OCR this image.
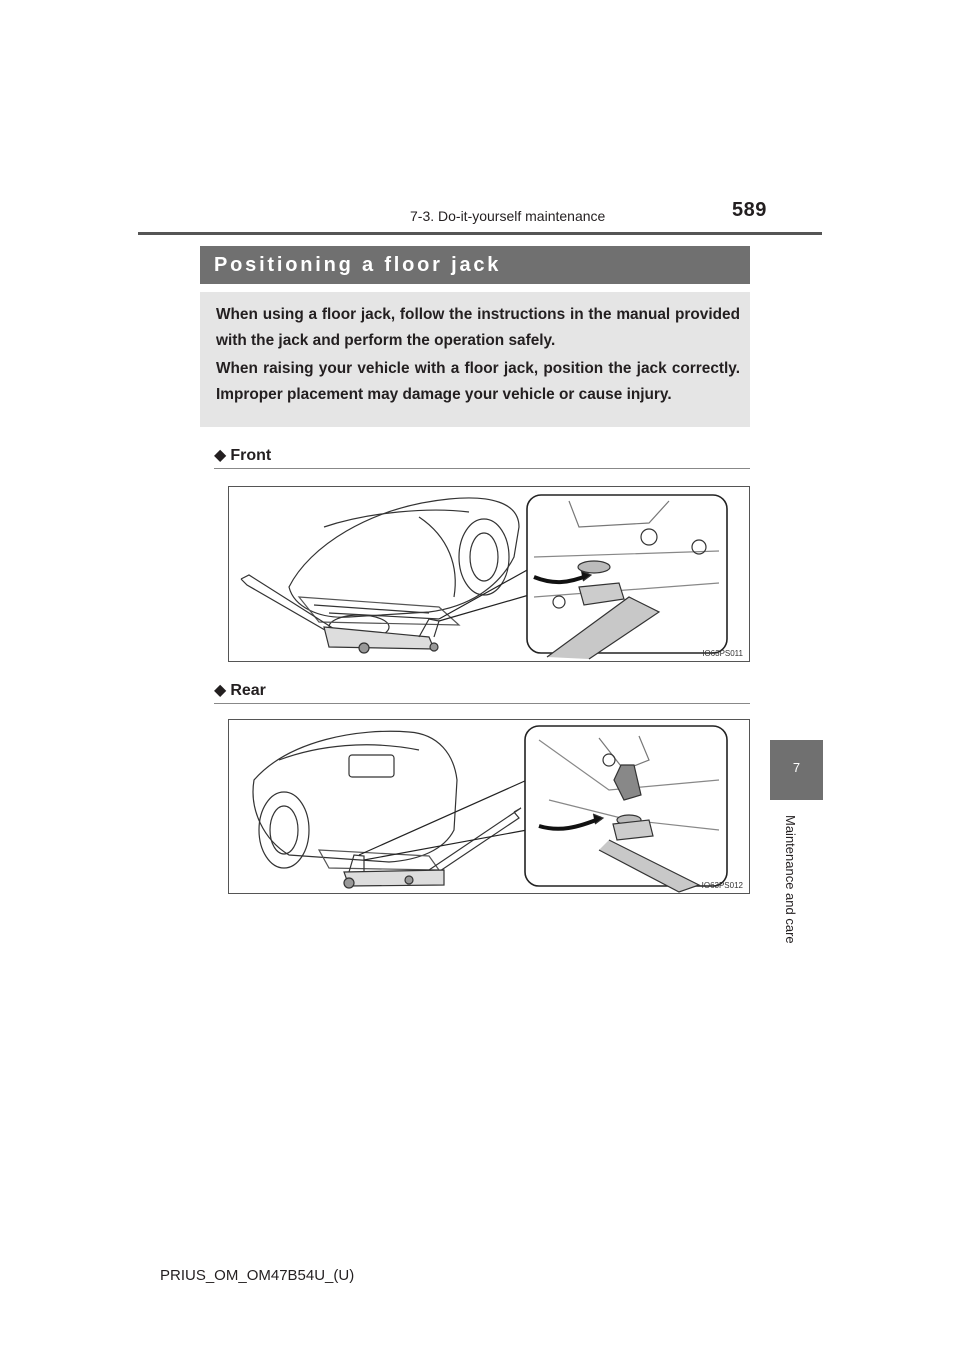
7-3. Do-it-yourself maintenance	589
Positioning a floor jack

When using a floor jack, follow the instructions in the manual provided with the jack and perform the operation safely.

When raising your vehicle with a floor jack, position the jack correctly. Improper placement may damage your vehicle or cause injury.

◆ Front
IO63PS011
◆ Rear
IO63PS012
7
Maintenance and care
PRIUS_OM_OM47B54U_(U)
